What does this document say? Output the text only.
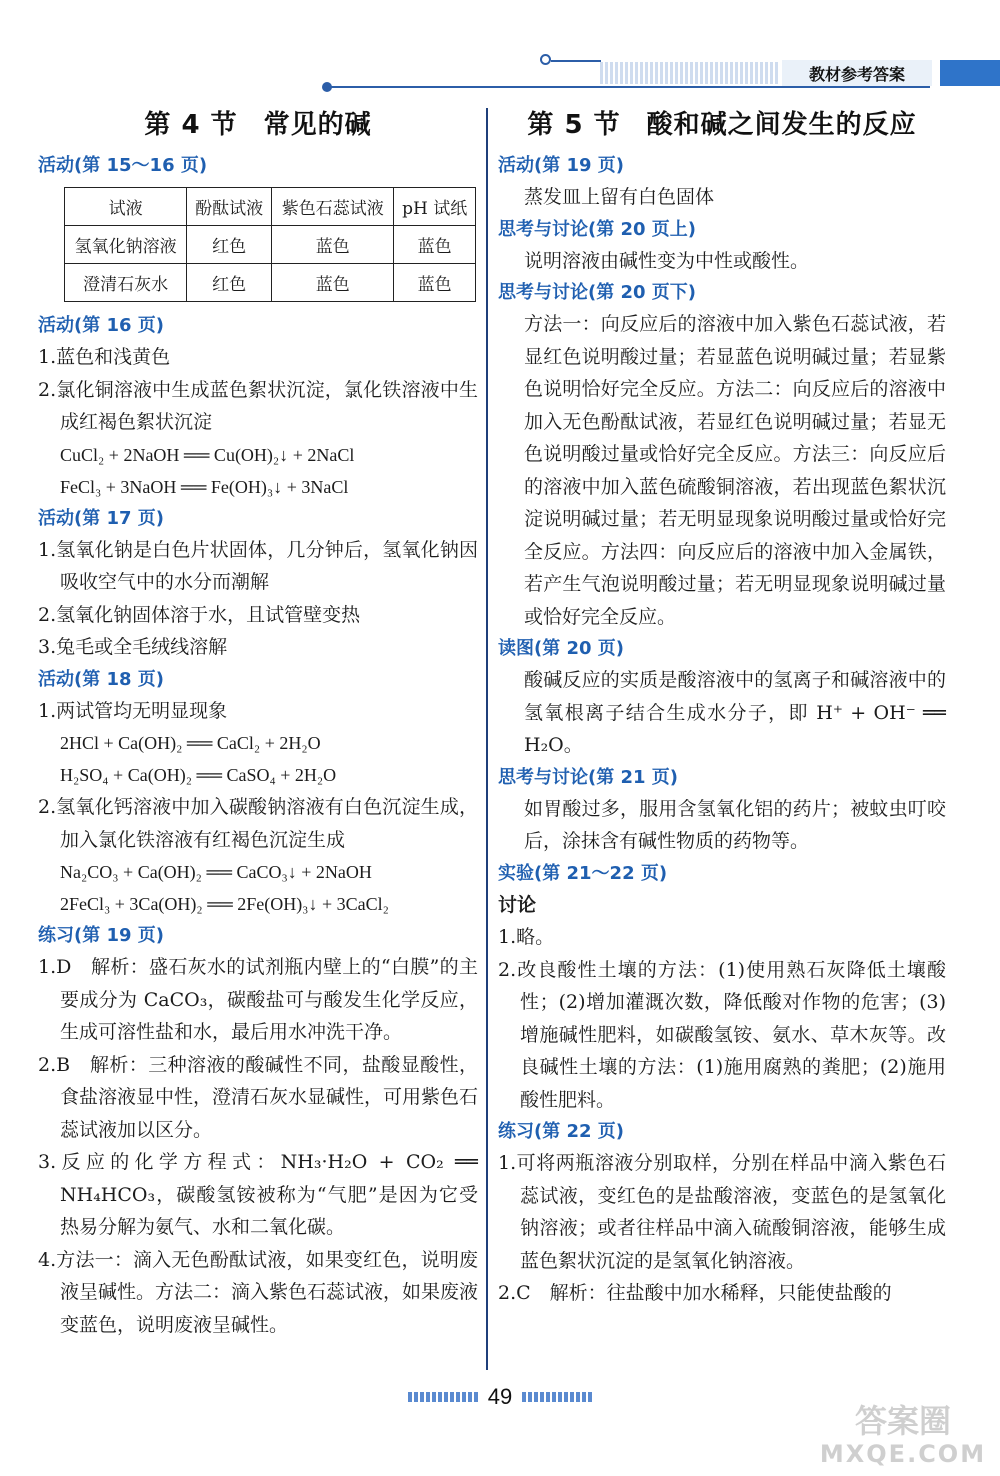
教材参考答案
第 4 节 常见的碱
活动(第 15～16 页)
试液	酚酞试液	紫色石蕊试液	pH 试纸
氢氧化钠溶液	红色	蓝色	蓝色
澄清石灰水	红色	蓝色	蓝色
活动(第 16 页)
1.蓝色和浅黄色
2.氯化铜溶液中生成蓝色絮状沉淀，氯化铁溶液中生成红褐色絮状沉淀
CuCl₂ + 2NaOH ══ Cu(OH)₂↓ + 2NaCl
FeCl₃ + 3NaOH ══ Fe(OH)₃↓ + 3NaCl
活动(第 17 页)
1.氢氧化钠是白色片状固体，几分钟后，氢氧化钠因吸收空气中的水分而潮解
2.氢氧化钠固体溶于水，且试管壁变热
3.兔毛或全毛绒线溶解
活动(第 18 页)
1.两试管均无明显现象
2HCl + Ca(OH)₂ ══ CaCl₂ + 2H₂O
H₂SO₄ + Ca(OH)₂ ══ CaSO₄ + 2H₂O
2.氢氧化钙溶液中加入碳酸钠溶液有白色沉淀生成，加入氯化铁溶液有红褐色沉淀生成
Na₂CO₃ + Ca(OH)₂ ══ CaCO₃↓ + 2NaOH
2FeCl₃ + 3Ca(OH)₂ ══ 2Fe(OH)₃↓ + 3CaCl₂
练习(第 19 页)
1.D　解析：盛石灰水的试剂瓶内壁上的“白膜”的主要成分为 CaCO₃，碳酸盐可与酸发生化学反应，生成可溶性盐和水，最后用水冲洗干净。
2.B　解析：三种溶液的酸碱性不同，盐酸显酸性，食盐溶液显中性，澄清石灰水显碱性，可用紫色石蕊试液加以区分。
3.反应的化学方程式：NH₃·H₂O + CO₂ ══ NH₄HCO₃，碳酸氢铵被称为“气肥”是因为它受热易分解为氨气、水和二氧化碳。
4.方法一：滴入无色酚酞试液，如果变红色，说明废液呈碱性。方法二：滴入紫色石蕊试液，如果废液变蓝色，说明废液呈碱性。
第 5 节 酸和碱之间发生的反应
活动(第 19 页)
蒸发皿上留有白色固体
思考与讨论(第 20 页上)
说明溶液由碱性变为中性或酸性。
思考与讨论(第 20 页下)
方法一：向反应后的溶液中加入紫色石蕊试液，若显红色说明酸过量；若显蓝色说明碱过量；若显紫色说明恰好完全反应。方法二：向反应后的溶液中加入无色酚酞试液，若显红色说明碱过量；若显无色说明酸过量或恰好完全反应。方法三：向反应后的溶液中加入蓝色硫酸铜溶液，若出现蓝色絮状沉淀说明碱过量；若无明显现象说明酸过量或恰好完全反应。方法四：向反应后的溶液中加入金属铁，若产生气泡说明酸过量；若无明显现象说明碱过量或恰好完全反应。
读图(第 20 页)
酸碱反应的实质是酸溶液中的氢离子和碱溶液中的氢氧根离子结合生成水分子，即 H⁺ + OH⁻ ══ H₂O。
思考与讨论(第 21 页)
如胃酸过多，服用含氢氧化铝的药片；被蚊虫叮咬后，涂抹含有碱性物质的药物等。
实验(第 21～22 页)
讨论
1.略。
2.改良酸性土壤的方法：(1)使用熟石灰降低土壤酸性；(2)增加灌溉次数，降低酸对作物的危害；(3)增施碱性肥料，如碳酸氢铵、氨水、草木灰等。改良碱性土壤的方法：(1)施用腐熟的粪肥；(2)施用酸性肥料。
练习(第 22 页)
1.可将两瓶溶液分别取样，分别在样品中滴入紫色石蕊试液，变红色的是盐酸溶液，变蓝色的是氢氧化钠溶液；或者往样品中滴入硫酸铜溶液，能够生成蓝色絮状沉淀的是氢氧化钠溶液。
2.C　解析：往盐酸中加水稀释，只能使盐酸的
49
答案圈
MXQE.COM
